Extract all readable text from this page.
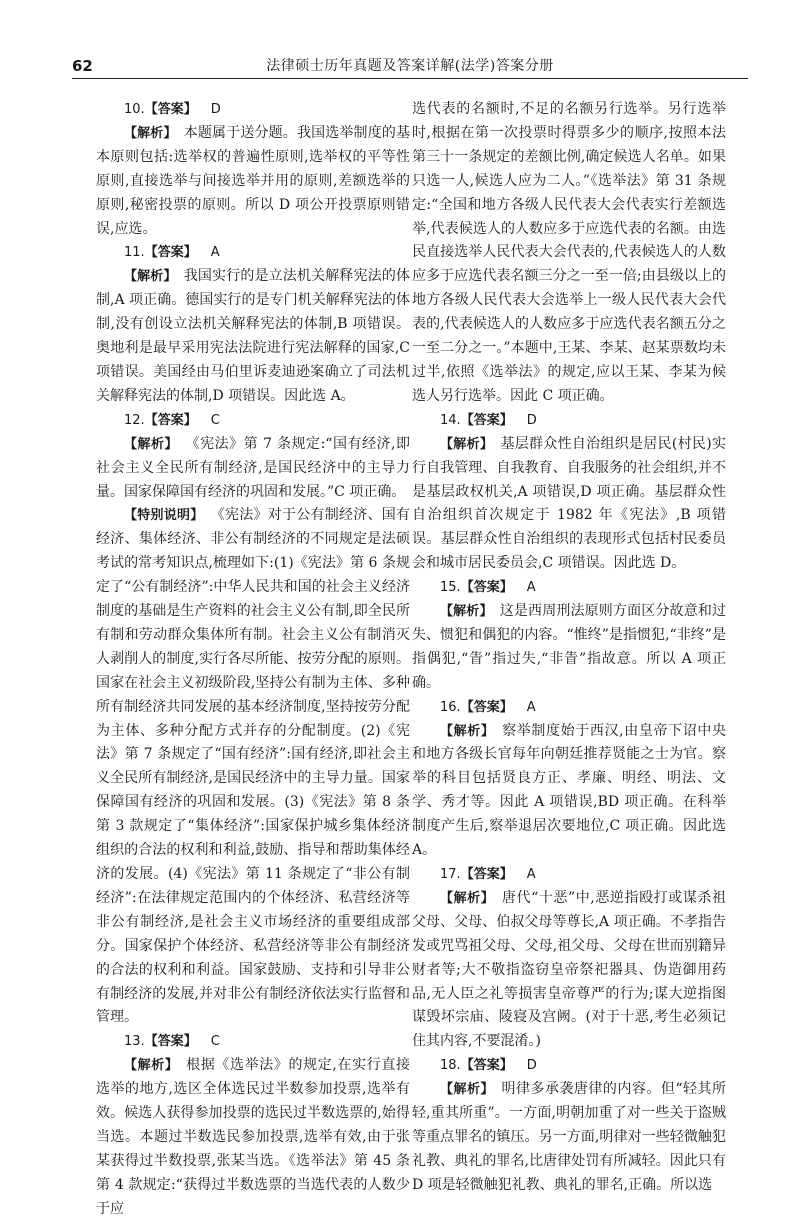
62	法律硕士历年真题及答案详解(法学)答案分册

10.【答案】  D

【解析】  本题属于送分题。我国选举制度的基本原则包括:选举权的普遍性原则,选举权的平等性原则,直接选举与间接选举并用的原则,差额选举的原则,秘密投票的原则。所以 D 项公开投票原则错误,应选。

11.【答案】  A

【解析】  我国实行的是立法机关解释宪法的体制,A 项正确。德国实行的是专门机关解释宪法的体制,没有创设立法机关解释宪法的体制,B 项错误。奥地利是最早采用宪法法院进行宪法解释的国家,C 项错误。美国经由马伯里诉麦迪逊案确立了司法机关解释宪法的体制,D 项错误。因此选 A。

12.【答案】  C

【解析】  《宪法》第 7 条规定:“国有经济,即社会主义全民所有制经济,是国民经济中的主导力量。国家保障国有经济的巩固和发展。”C 项正确。

【特别说明】  《宪法》对于公有制经济、国有经济、集体经济、非公有制经济的不同规定是法硕考试的常考知识点,梳理如下:(1)《宪法》第 6 条规定了“公有制经济”:中华人民共和国的社会主义经济制度的基础是生产资料的社会主义公有制,即全民所有制和劳动群众集体所有制。社会主义公有制消灭人剥削人的制度,实行各尽所能、按劳分配的原则。国家在社会主义初级阶段,坚持公有制为主体、多种所有制经济共同发展的基本经济制度,坚持按劳分配为主体、多种分配方式并存的分配制度。(2)《宪法》第 7 条规定了“国有经济”:国有经济,即社会主义全民所有制经济,是国民经济中的主导力量。国家保障国有经济的巩固和发展。(3)《宪法》第 8 条第 3 款规定了“集体经济”:国家保护城乡集体经济组织的合法的权利和利益,鼓励、指导和帮助集体经济的发展。(4)《宪法》第 11 条规定了“非公有制经济”:在法律规定范围内的个体经济、私营经济等非公有制经济,是社会主义市场经济的重要组成部分。国家保护个体经济、私营经济等非公有制经济的合法的权利和利益。国家鼓励、支持和引导非公有制经济的发展,并对非公有制经济依法实行监督和管理。

13.【答案】  C

【解析】  根据《选举法》的规定,在实行直接选举的地方,选区全体选民过半数参加投票,选举有效。候选人获得参加投票的选民过半数选票的,始得当选。本题过半数选民参加投票,选举有效,由于张某获得过半数投票,张某当选。《选举法》第 45 条第 4 款规定:“获得过半数选票的当选代表的人数少于应

选代表的名额时,不足的名额另行选举。另行选举时,根据在第一次投票时得票多少的顺序,按照本法第三十一条规定的差额比例,确定候选人名单。如果只选一人,候选人应为二人。”《选举法》第 31 条规定:“全国和地方各级人民代表大会代表实行差额选举,代表候选人的人数应多于应选代表的名额。由选民直接选举人民代表大会代表的,代表候选人的人数应多于应选代表名额三分之一至一倍;由县级以上的地方各级人民代表大会选举上一级人民代表大会代表的,代表候选人的人数应多于应选代表名额五分之一至二分之一。”本题中,王某、李某、赵某票数均未过半,依照《选举法》的规定,应以王某、李某为候选人另行选举。因此 C 项正确。

14.【答案】  D

【解析】  基层群众性自治组织是居民(村民)实行自我管理、自我教育、自我服务的社会组织,并不是基层政权机关,A 项错误,D 项正确。基层群众性自治组织首次规定于 1982 年《宪法》,B 项错误。基层群众性自治组织的表现形式包括村民委员会和城市居民委员会,C 项错误。因此选 D。

15.【答案】  A

【解析】  这是西周刑法原则方面区分故意和过失、惯犯和偶犯的内容。“惟终”是指惯犯,“非终”是指偶犯,“眚”指过失,“非眚”指故意。所以 A 项正确。

16.【答案】  A

【解析】  察举制度始于西汉,由皇帝下诏中央和地方各级长官每年向朝廷推荐贤能之士为官。察举的科目包括贤良方正、孝廉、明经、明法、文学、秀才等。因此 A 项错误,BD 项正确。在科举制度产生后,察举退居次要地位,C 项正确。因此选 A。

17.【答案】  A

【解析】  唐代“十恶”中,恶逆指殴打或谋杀祖父母、父母、伯叔父母等尊长,A 项正确。不孝指告发或咒骂祖父母、父母,祖父母、父母在世而别籍异财者等;大不敬指盗窃皇帝祭祀器具、伪造御用药品,无人臣之礼等损害皇帝尊严的行为;谋大逆指图谋毁坏宗庙、陵寝及宫阙。(对于十恶,考生必须记住其内容,不要混淆。)

18.【答案】  D

【解析】  明律多承袭唐律的内容。但“轻其所轻,重其所重”。一方面,明朝加重了对一些关于盗贼等重点罪名的镇压。另一方面,明律对一些轻微触犯礼教、典礼的罪名,比唐律处罚有所减轻。因此只有 D 项是轻微触犯礼教、典礼的罪名,正确。所以选
